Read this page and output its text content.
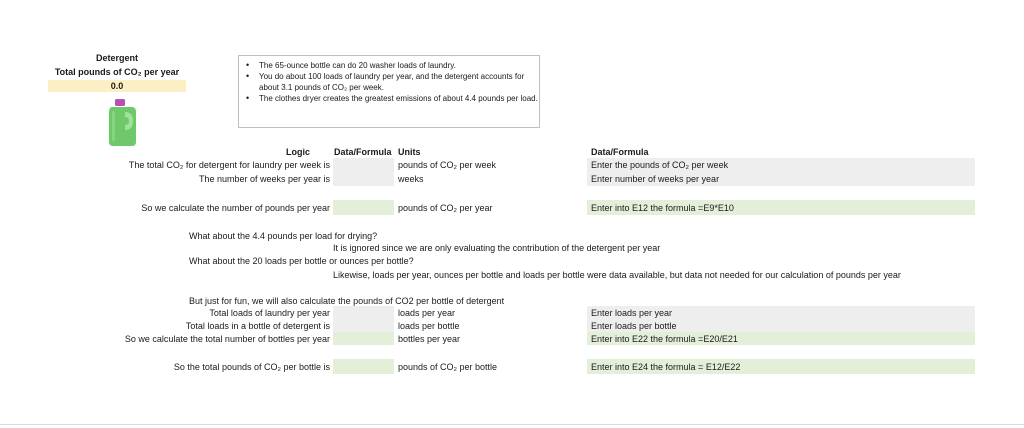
Detergent
Total pounds of CO₂ per year
0.0
• The 65-ounce bottle can do 20 washer loads of laundry.
• You do about 100 loads of laundry per year, and the detergent accounts for about 3.1 pounds of CO₂ per week.
• The clothes dryer creates the greatest emissions of about 4.4 pounds per load.
Logic	Data/Formula Units	Data/Formula
The total CO₂ for detergent for laundry per week is	pounds of CO₂ per week	Enter the pounds of CO₂ per week
The number of weeks per year is	weeks	Enter number of weeks per year
So we calculate the number of pounds per year	pounds of CO₂ per year	Enter into E12 the formula =E9*E10
What about the 4.4 pounds per load for drying?
It is ignored since we are only evaluating the contribution of the detergent per year
What about the 20 loads per bottle or ounces per bottle?
Likewise, loads per year, ounces per bottle and loads per bottle were data available, but data not needed for our calculation of pounds per year
But just for fun, we will also calculate the pounds of CO2 per bottle of detergent
Total loads of laundry per year	loads per year	Enter loads per year
Total loads in a bottle of detergent is	loads per bottle	Enter loads per bottle
So we calculate the total number of bottles per year	bottles per year	Enter into E22 the formula =E20/E21
So the total pounds of CO₂ per bottle is	pounds of CO₂ per bottle	Enter into E24 the formula = E12/E22
